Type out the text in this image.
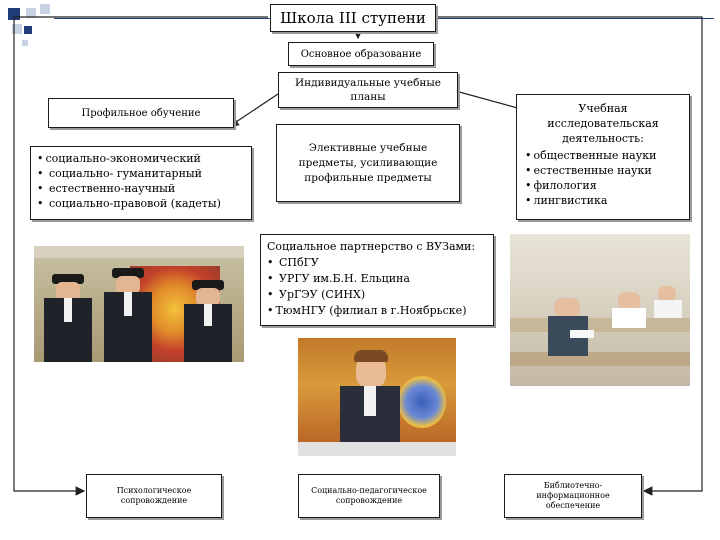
Школа III ступени
Основное образование
Индивидуальные учебные планы
Профильное обучение
• социально-экономический
• социально- гуманитарный
• естественно-научный
• социально-правовой (кадеты)
Элективные учебные предметы, усиливающие профильные предметы
Учебная исследовательская деятельность:
• общественные науки
• естественные науки
• филология
• лингвистика
Социальное партнерство с ВУЗами:
• СПбГУ
• УРГУ им.Б.Н. Ельцина
• УрГЭУ (СИНХ)
• ТюмНГУ (филиал в г.Ноябрьске)
Психологическое сопровождение
Социально-педагогическое сопровождение
Библиотечно-информационное обеспечение
